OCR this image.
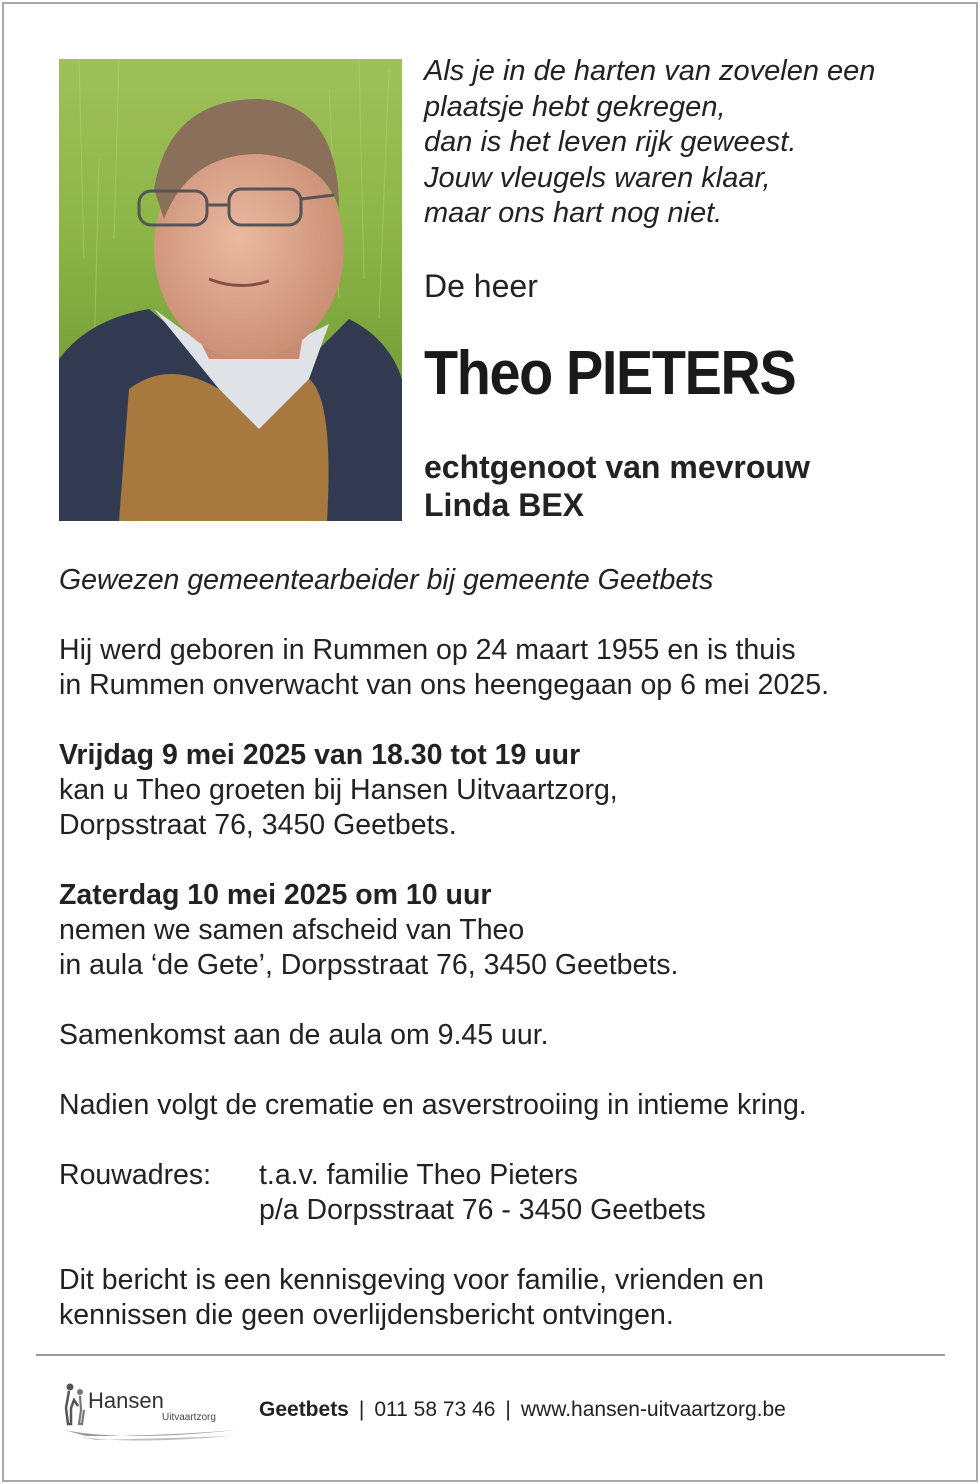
Als je in de harten van zovelen een
plaatsje hebt gekregen,
dan is het leven rijk geweest.
Jouw vleugels waren klaar,
maar ons hart nog niet.
De heer
Theo PIETERS
echtgenoot van mevrouw
Linda BEX

Gewezen gemeentearbeider bij gemeente Geetbets

Hij werd geboren in Rummen op 24 maart 1955 en is thuis

in Rummen onverwacht van ons heengegaan op 6 mei 2025.

Vrijdag 9 mei 2025 van 18.30 tot 19 uur

kan u Theo groeten bij Hansen Uitvaartzorg,

Dorpsstraat 76, 3450 Geetbets.

Zaterdag 10 mei 2025 om 10 uur

nemen we samen afscheid van Theo

in aula ‘de Gete’, Dorpsstraat 76, 3450 Geetbets.

Samenkomst aan de aula om 9.45 uur.

Nadien volgt de crematie en asverstrooiing in intieme kring.

Rouwadres:	t.a.v. familie Theo Pieters
p/a Dorpsstraat 76 - 3450 Geetbets

Dit bericht is een kennisgeving voor familie, vrienden en

kennissen die geen overlijdensbericht ontvingen.

Hansen
Uitvaartzorg Geetbets | 011 58 73 46 | www.hansen-uitvaartzorg.be
